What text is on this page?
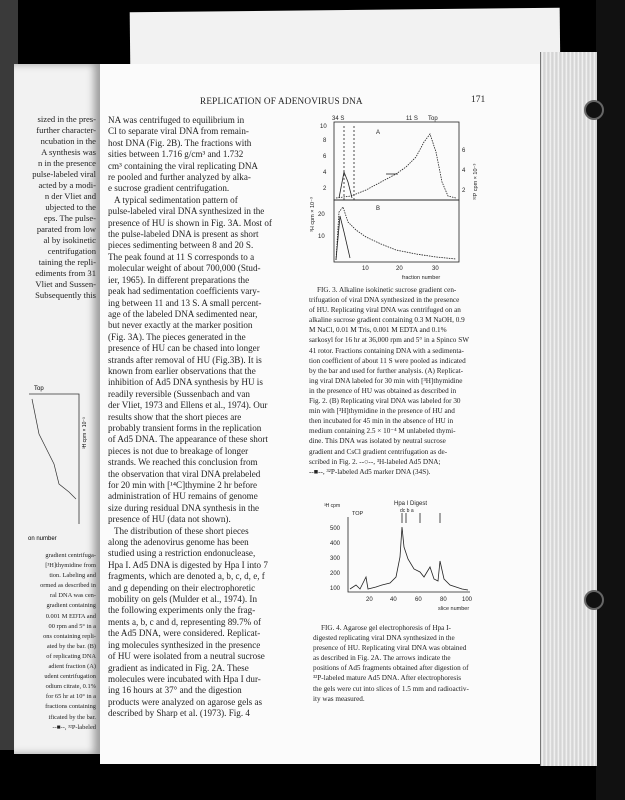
sized in the pres-
further character-
ncubation in the
A synthesis was
n in the presence
pulse-labeled viral
acted by a modi-
n der Vliet and
ubjected to the
eps. The pulse-
parated from low
al by isokinetic
centrifugation
taining the repli-
ediments from 31
Vliet and Sussen-
Subsequently this
Top
³H cpm × 10⁻³
on number
gradient centrifuga-
[³H]thymidine from
tion. Labeling and
ormed as described in
ral DNA was cen-
gradient containing
0.001 M EDTA and
00 rpm and 5° in a
ons containing repli-
ated by the bar. (B)
of replicating DNA
adient fraction (A)
udent centrifugation
odium citrate, 0.1%
for 65 hr at 10° in a
fractions containing
ificated by the bar.
--■--, ³²P-labeled
REPLICATION OF ADENOVIRUS DNA	171

NA was centrifuged to equilibrium in

Cl to separate viral DNA from remain-

host DNA (Fig. 2B). The fractions with

sities between 1.716 g/cm³ and 1.732

cm³ containing the viral replicating DNA

re pooled and further analyzed by alka-

e sucrose gradient centrifugation.

A typical sedimentation pattern of

pulse-labeled viral DNA synthesized in the

presence of HU is shown in Fig. 3A. Most of

the pulse-labeled DNA is present as short

pieces sedimenting between 8 and 20 S.

The peak found at 11 S corresponds to a

molecular weight of about 700,000 (Stud-

ier, 1965). In different preparations the

peak had sedimentation coefficients vary-

ing between 11 and 13 S. A small percent-

age of the labeled DNA sedimented near,

but never exactly at the marker position

(Fig. 3A). The pieces generated in the

presence of HU can be chased into longer

strands after removal of HU (Fig.3B). It is

known from earlier observations that the

inhibition of Ad5 DNA synthesis by HU is

readily reversible (Sussenbach and van

der Vliet, 1973 and Ellens et al., 1974). Our

results show that the short pieces are

probably transient forms in the replication

of Ad5 DNA. The appearance of these short

pieces is not due to breakage of longer

strands. We reached this conclusion from

the observation that viral DNA prelabeled

for 20 min with [¹⁴C]thymine 2 hr before

administration of HU remains of genome

size during residual DNA synthesis in the

presence of HU (data not shown).

The distribution of these short pieces

along the adenovirus genome has been

studied using a restriction endonuclease,

Hpa I. Ad5 DNA is digested by Hpa I into 7

fragments, which are denoted a, b, c, d, e, f

and g depending on their electrophoretic

mobility on gels (Mulder et al., 1974). In

the following experiments only the frag-

ments a, b, c and d, representing 89.7% of

the Ad5 DNA, were considered. Replicat-

ing molecules synthesized in the presence

of HU were isolated from a neutral sucrose

gradient as indicated in Fig. 2A. These

molecules were incubated with Hpa I dur-

ing 16 hours at 37° and the digestion

products were analyzed on agarose gels as

described by Sharp et al. (1973). Fig. 4

34 S	11 S Top
A
B
10
8
6
4
2
20
10
6
4
2
10	20	30
fraction number
³H cpm × 10⁻³
³²P cpm × 10⁻³

FIG. 3. Alkaline isokinetic sucrose gradient cen-

trifugation of viral DNA synthesized in the presence

of HU. Replicating viral DNA was centrifuged on an

alkaline sucrose gradient containing 0.3 M NaOH, 0.9

M NaCl, 0.01 M Tris, 0.001 M EDTA and 0.1%

sarkosyl for 16 hr at 36,000 rpm and 5° in a Spinco SW

41 rotor. Fractions containing DNA with a sedimenta-

tion coefficient of about 11 S were pooled as indicated

by the bar and used for further analysis. (A) Replicat-

ing viral DNA labeled for 30 min with [³H]thymidine

in the presence of HU was obtained as described in

Fig. 2. (B) Replicating viral DNA was labeled for 30

min with [³H]thymidine in the presence of HU and

then incubated for 45 min in the absence of HU in

medium containing 2.5 × 10⁻⁴ M unlabeled thymi-

dine. This DNA was isolated by neutral sucrose

gradient and CsCl gradient centrifugation as de-

scribed in Fig. 2. --○--, ³H-labeled Ad5 DNA;

--■--, ³²P-labeled Ad5 marker DNA (34S).

Hpa I Digest
dc b a
³H cpm
TOP
500
400
300
200
100
20	40	60	80	100
slice number

FIG. 4. Agarose gel electrophoresis of Hpa I-

digested replicating viral DNA synthesized in the

presence of HU. Replicating viral DNA was obtained

as described in Fig. 2A. The arrows indicate the

positions of Ad5 fragments obtained after digestion of

³²P-labeled mature Ad5 DNA. After electrophoresis

the gels were cut into slices of 1.5 mm and radioactiv-

ity was measured.
